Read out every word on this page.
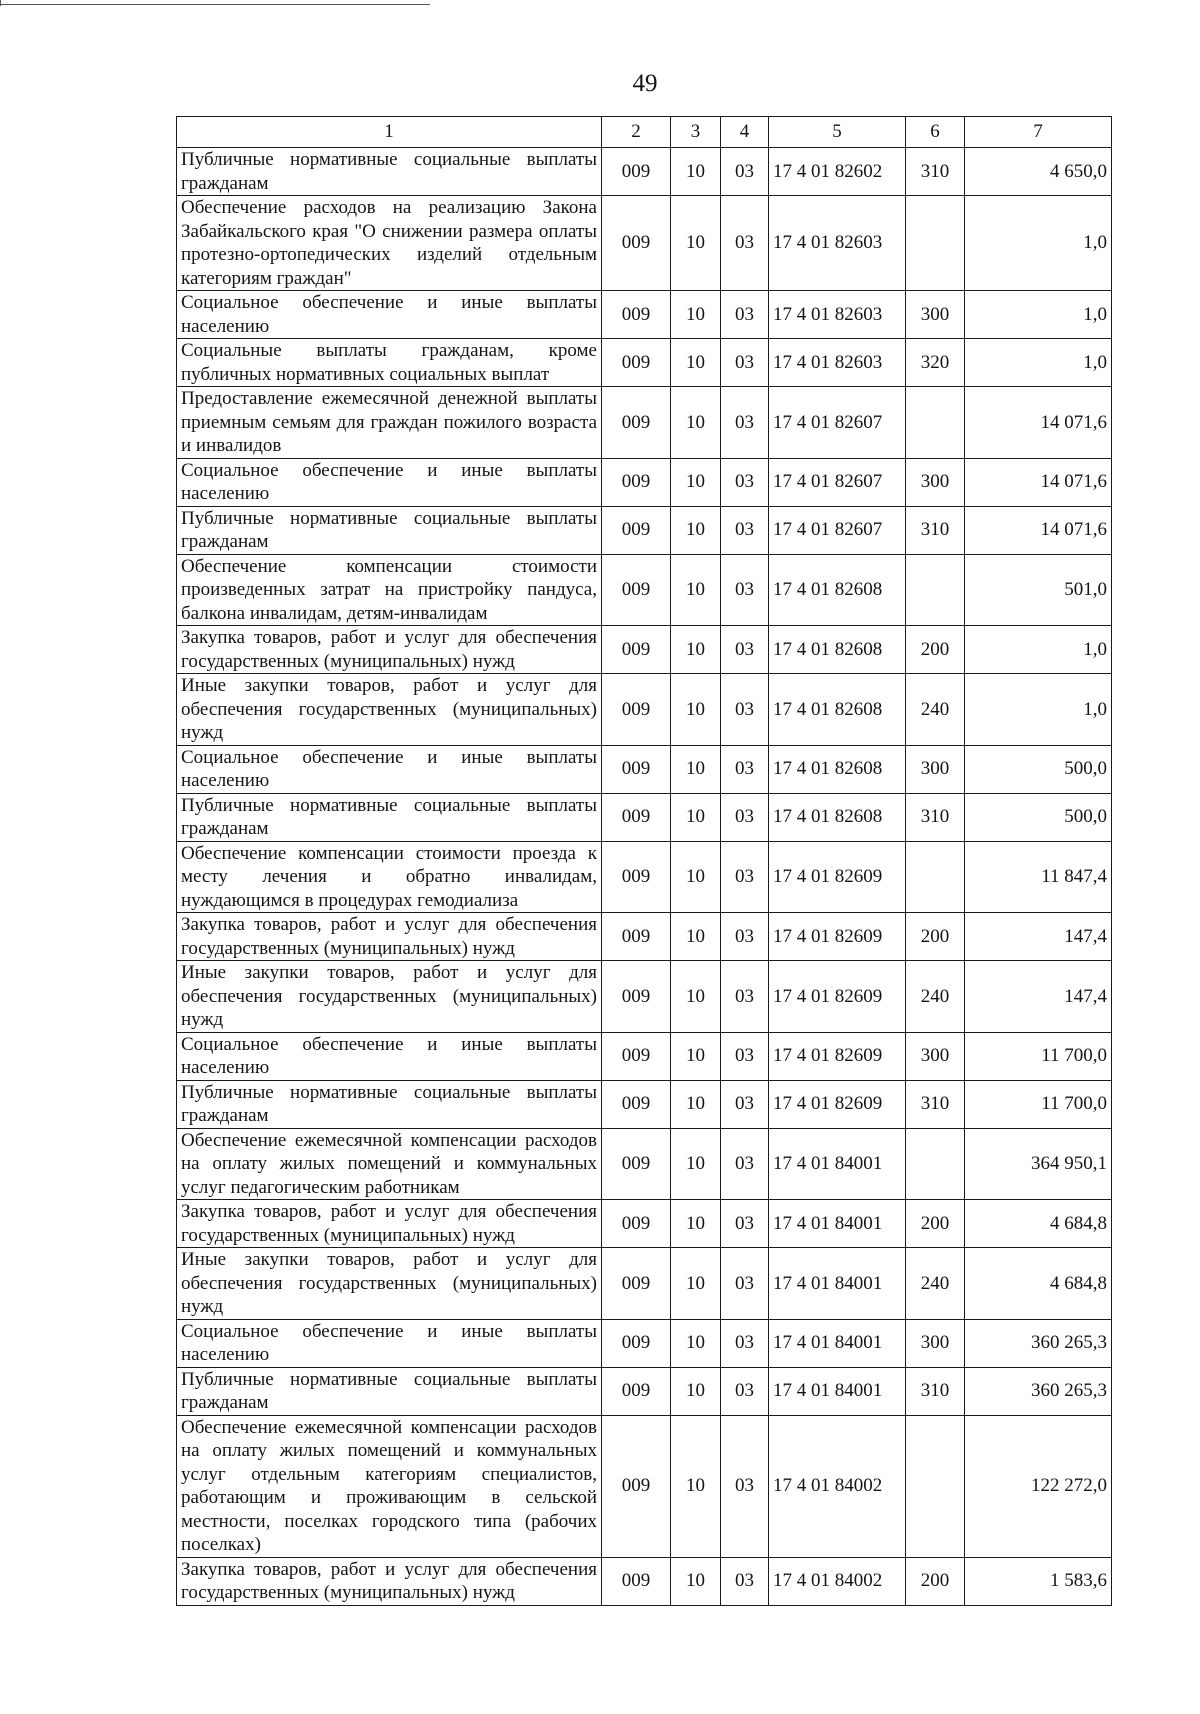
49
1	2	3	4	5	6	7
Публичные нормативные социальные выплаты гражданам	009	10	03	17 4 01 82602	310	4 650,0
Обеспечение расходов на реализацию Закона Забайкальского края "О снижении размера оплаты протезно-ортопедических изделий отдельным категориям граждан"	009	10	03	17 4 01 82603		1,0
Социальное обеспечение и иные выплаты населению	009	10	03	17 4 01 82603	300	1,0
Социальные выплаты гражданам, кроме публичных нормативных социальных выплат	009	10	03	17 4 01 82603	320	1,0
Предоставление ежемесячной денежной выплаты приемным семьям для граждан пожилого возраста и инвалидов	009	10	03	17 4 01 82607		14 071,6
Социальное обеспечение и иные выплаты населению	009	10	03	17 4 01 82607	300	14 071,6
Публичные нормативные социальные выплаты гражданам	009	10	03	17 4 01 82607	310	14 071,6
Обеспечение компенсации стоимости произведенных затрат на пристройку пандуса, балкона инвалидам, детям-инвалидам	009	10	03	17 4 01 82608		501,0
Закупка товаров, работ и услуг для обеспечения государственных (муниципальных) нужд	009	10	03	17 4 01 82608	200	1,0
Иные закупки товаров, работ и услуг для обеспечения государственных (муниципальных) нужд	009	10	03	17 4 01 82608	240	1,0
Социальное обеспечение и иные выплаты населению	009	10	03	17 4 01 82608	300	500,0
Публичные нормативные социальные выплаты гражданам	009	10	03	17 4 01 82608	310	500,0
Обеспечение компенсации стоимости проезда к месту лечения и обратно инвалидам, нуждающимся в процедурах гемодиализа	009	10	03	17 4 01 82609		11 847,4
Закупка товаров, работ и услуг для обеспечения государственных (муниципальных) нужд	009	10	03	17 4 01 82609	200	147,4
Иные закупки товаров, работ и услуг для обеспечения государственных (муниципальных) нужд	009	10	03	17 4 01 82609	240	147,4
Социальное обеспечение и иные выплаты населению	009	10	03	17 4 01 82609	300	11 700,0
Публичные нормативные социальные выплаты гражданам	009	10	03	17 4 01 82609	310	11 700,0
Обеспечение ежемесячной компенсации расходов на оплату жилых помещений и коммунальных услуг педагогическим работникам	009	10	03	17 4 01 84001		364 950,1
Закупка товаров, работ и услуг для обеспечения государственных (муниципальных) нужд	009	10	03	17 4 01 84001	200	4 684,8
Иные закупки товаров, работ и услуг для обеспечения государственных (муниципальных) нужд	009	10	03	17 4 01 84001	240	4 684,8
Социальное обеспечение и иные выплаты населению	009	10	03	17 4 01 84001	300	360 265,3
Публичные нормативные социальные выплаты гражданам	009	10	03	17 4 01 84001	310	360 265,3
Обеспечение ежемесячной компенсации расходов на оплату жилых помещений и коммунальных услуг отдельным категориям специалистов, работающим и проживающим в сельской местности, поселках городского типа (рабочих поселках)	009	10	03	17 4 01 84002		122 272,0
Закупка товаров, работ и услуг для обеспечения государственных (муниципальных) нужд	009	10	03	17 4 01 84002	200	1 583,6
